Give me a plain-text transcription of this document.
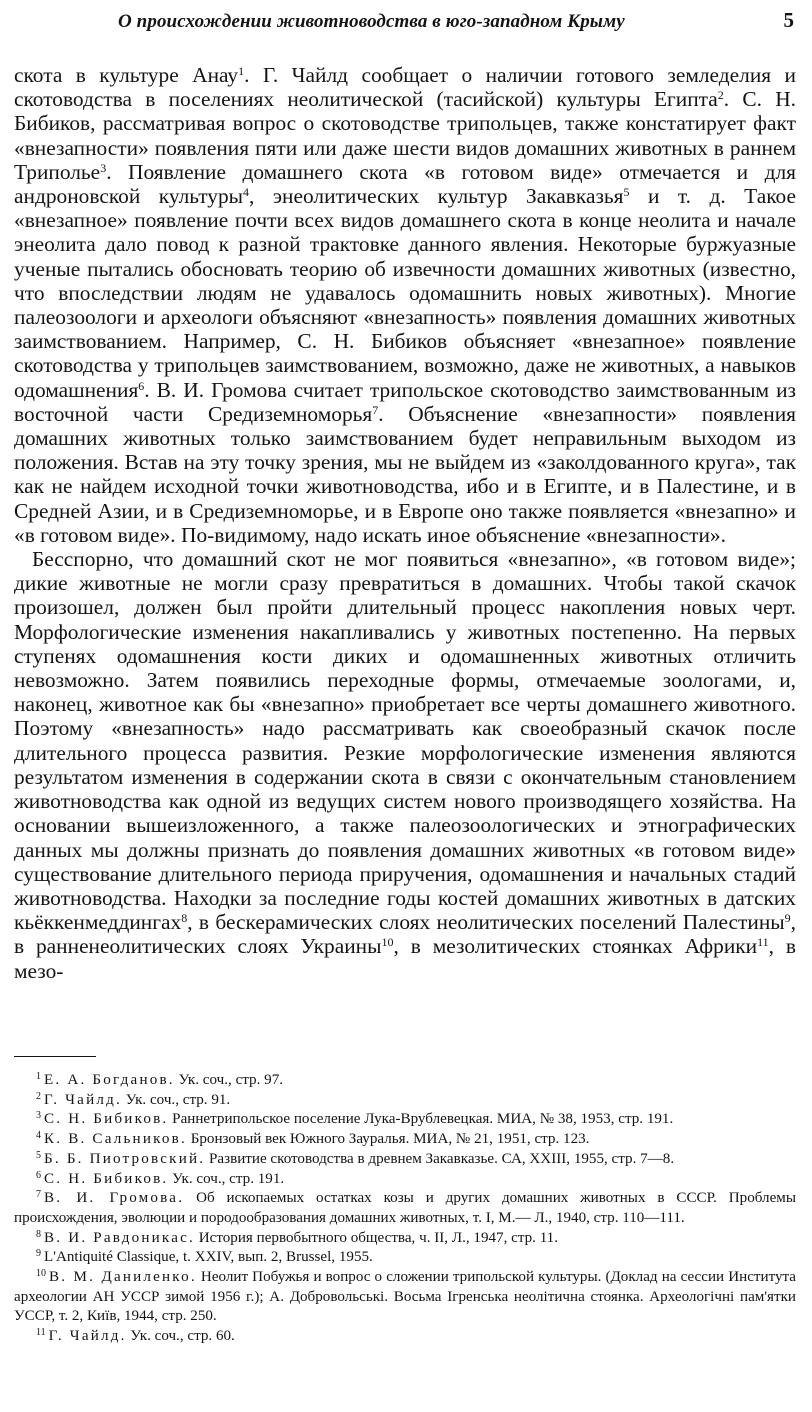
О происхождении животноводства в юго-западном Крыму	5

скота в культуре Анау$^1$. Г. Чайлд сообщает о наличии готового земледелия и скотоводства в поселениях неолитической (тасийской) культуры Египта$^2$. С. Н. Бибиков, рассматривая вопрос о скотоводстве трипольцев, также констатирует факт «внезапности» появления пяти или даже шести видов домашних животных в раннем Триполье$^3$. Появление домашнего скота «в готовом виде» отмечается и для андроновской культуры$^4$, энеолитических культур Закавказья$^5$ и т. д. Такое «внезапное» появление почти всех видов домашнего скота в конце неолита и начале энеолита дало повод к разной трактовке данного явления. Некоторые буржуазные ученые пытались обосновать теорию об извечности домашних животных (известно, что впоследствии людям не удавалось одомашнить новых животных). Многие палеозоологи и археологи объясняют «внезапность» появления домашних животных заимствованием. Например, С. Н. Бибиков объясняет «внезапное» появление скотоводства у трипольцев заимствованием, возможно, даже не животных, а навыков одомашнения$^6$. В. И. Громова считает трипольское скотоводство заимствованным из восточной части Средиземноморья$^7$. Объяснение «внезапности» появления домашних животных только заимствованием будет неправильным выходом из положения. Встав на эту точку зрения, мы не выйдем из «заколдованного круга», так как не найдем исходной точки животноводства, ибо и в Египте, и в Палестине, и в Средней Азии, и в Средиземноморье, и в Европе оно также появляется «внезапно» и «в готовом виде». По-видимому, надо искать иное объяснение «внезапности».

Бесспорно, что домашний скот не мог появиться «внезапно», «в готовом виде»; дикие животные не могли сразу превратиться в домашних. Чтобы такой скачок произошел, должен был пройти длительный процесс накопления новых черт. Морфологические изменения накапливались у животных постепенно. На первых ступенях одомашнения кости диких и одомашненных животных отличить невозможно. Затем появились переходные формы, отмечаемые зоологами, и, наконец, животное как бы «внезапно» приобретает все черты домашнего животного. Поэтому «внезапность» надо рассматривать как своеобразный скачок после длительного процесса развития. Резкие морфологические изменения являются результатом изменения в содержании скота в связи с окончательным становлением животноводства как одной из ведущих систем нового производящего хозяйства. На основании вышеизложенного, а также палеозоологических и этнографических данных мы должны признать до появления домашних животных «в готовом виде» существование длительного периода приручения, одомашнения и начальных стадий животноводства. Находки за последние годы костей домашних животных в датских кьёккенмеддингах$^8$, в бескерамических слоях неолитических поселений Палестины$^9$, в ранненеолитических слоях Украины$^{10}$, в мезолитических стоянках Африки$^{11}$, в мезо-

$^1$ Е. А. Богданов. Ук. соч., стр. 97.

$^2$ Г. Чайлд. Ук. соч., стр. 91.

$^3$ С. Н. Бибиков. Раннетрипольское поселение Лука-Врублевецкая. МИА, № 38, 1953, стр. 191.

$^4$ К. В. Сальников. Бронзовый век Южного Зауралья. МИА, № 21, 1951, стр. 123.

$^5$ Б. Б. Пиотровский. Развитие скотоводства в древнем Закавказье. СА, XXIII, 1955, стр. 7—8.

$^6$ С. Н. Бибиков. Ук. соч., стр. 191.

$^7$ В. И. Громова. Об ископаемых остатках козы и других домашних животных в СССР. Проблемы происхождения, эволюции и породообразования домашних животных, т. I, М.— Л., 1940, стр. 110—111.

$^8$ В. И. Равдоникас. История первобытного общества, ч. II, Л., 1947, стр. 11.

$^9$ L'Antiquité Classique, t. XXIV, вып. 2, Brussel, 1955.

$^{10}$ В. М. Даниленко. Неолит Побужья и вопрос о сложении трипольской культуры. (Доклад на сессии Института археологии АН УССР зимой 1956 г.); А. Добровольські. Восьма Ігренська неолітична стоянка. Археологічні пам'ятки УССР, т. 2, Київ, 1944, стр. 250.

$^{11}$ Г. Чайлд. Ук. соч., стр. 60.
